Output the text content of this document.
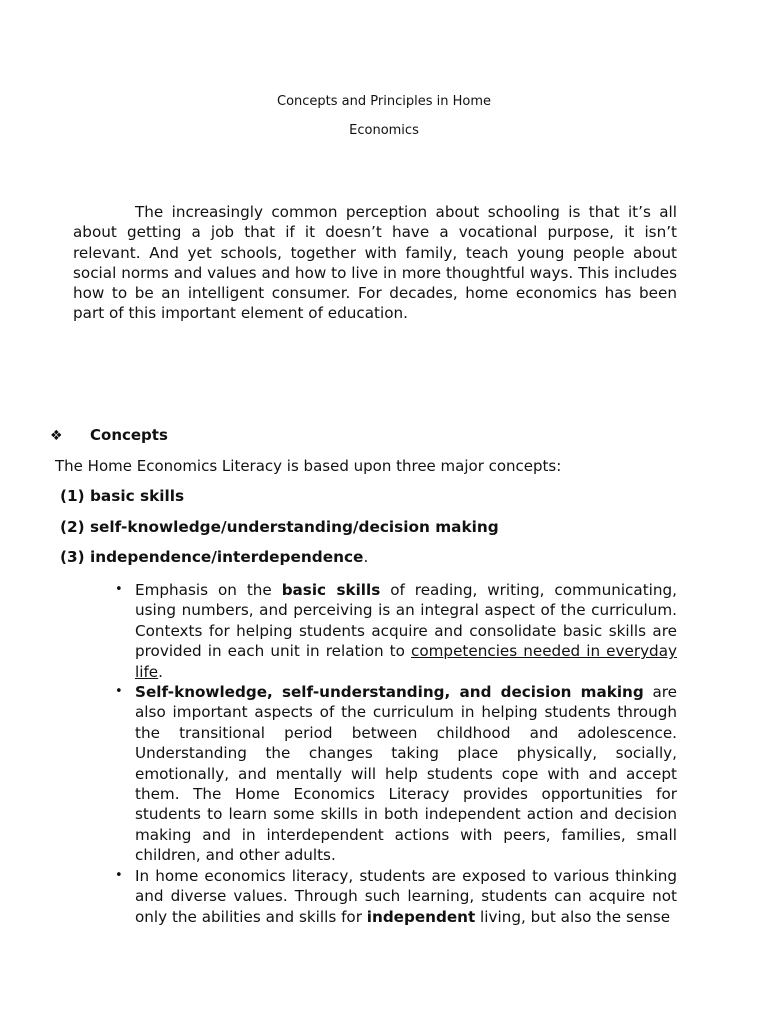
Concepts and Principles in Home
Economics

The increasingly common perception about schooling is that it’s all about getting a job that if it doesn’t have a vocational purpose, it isn’t relevant. And yet schools, together with family, teach young people about social norms and values and how to live in more thoughtful ways. This includes how to be an intelligent consumer. For decades, home economics has been part of this important element of education.

❖ Concepts
The Home Economics Literacy is based upon three major concepts:
(1) basic skills
(2) self-knowledge/understanding/decision making
(3) independence/interdependence.
• Emphasis on the basic skills of reading, writing, communicating, using numbers, and perceiving is an integral aspect of the curriculum. Contexts for helping students acquire and consolidate basic skills are provided in each unit in relation to competencies needed in everyday life.
• Self-knowledge, self-understanding, and decision making are also important aspects of the curriculum in helping students through the transitional period between childhood and adolescence. Understanding the changes taking place physically, socially, emotionally, and mentally will help students cope with and accept them. The Home Economics Literacy provides opportunities for students to learn some skills in both independent action and decision making and in interdependent actions with peers, families, small children, and other adults.
• In home economics literacy, students are exposed to various thinking and diverse values. Through such learning, students can acquire not only the abilities and skills for independent living, but also the sense
